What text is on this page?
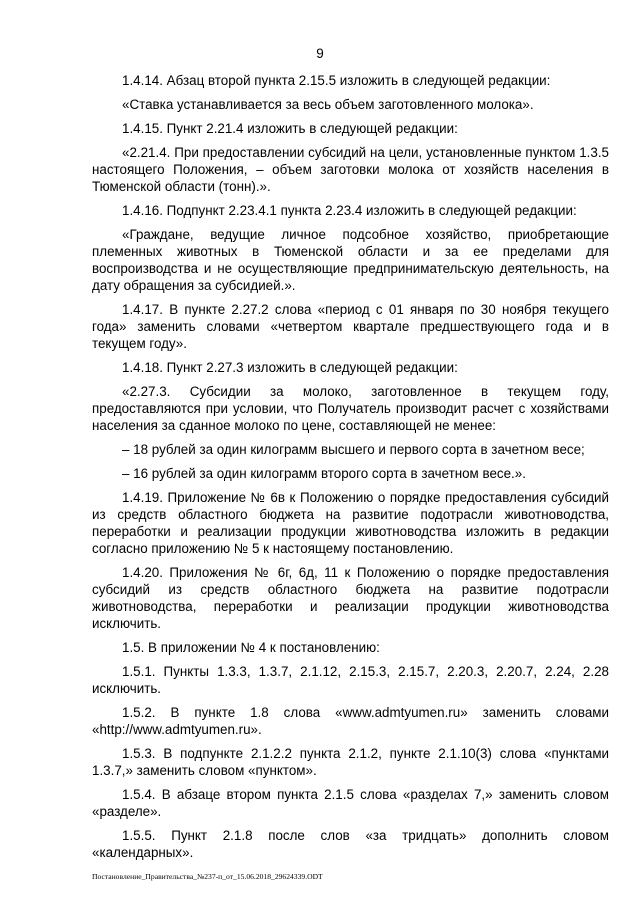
9

1.4.14. Абзац второй пункта 2.15.5 изложить в следующей редакции:

«Ставка устанавливается за весь объем заготовленного молока».

1.4.15. Пункт 2.21.4 изложить в следующей редакции:

«2.21.4. При предоставлении субсидий на цели, установленные пунктом 1.3.5 настоящего Положения, – объем заготовки молока от хозяйств населения в Тюменской области (тонн).».

1.4.16. Подпункт 2.23.4.1 пункта 2.23.4 изложить в следующей редакции:

«Граждане, ведущие личное подсобное хозяйство, приобретающие племенных животных в Тюменской области и за ее пределами для воспроизводства и не осуществляющие предпринимательскую деятельность, на дату обращения за субсидией.».

1.4.17. В пункте 2.27.2 слова «период с 01 января по 30 ноября текущего года» заменить словами «четвертом квартале предшествующего года и в текущем году».

1.4.18. Пункт 2.27.3 изложить в следующей редакции:

«2.27.3. Субсидии за молоко, заготовленное в текущем году, предоставляются при условии, что Получатель производит расчет с хозяйствами населения за сданное молоко по цене, составляющей не менее:

– 18 рублей за один килограмм высшего и первого сорта в зачетном весе;

– 16 рублей за один килограмм второго сорта в зачетном весе.».

1.4.19. Приложение № 6в к Положению о порядке предоставления субсидий из средств областного бюджета на развитие подотрасли животноводства, переработки и реализации продукции животноводства изложить в редакции согласно приложению № 5 к настоящему постановлению.

1.4.20. Приложения № 6г, 6д, 11 к Положению о порядке предоставления субсидий из средств областного бюджета на развитие подотрасли животноводства, переработки и реализации продукции животноводства исключить.

1.5. В приложении № 4 к постановлению:

1.5.1. Пункты 1.3.3, 1.3.7, 2.1.12, 2.15.3, 2.15.7, 2.20.3, 2.20.7, 2.24, 2.28 исключить.

1.5.2. В пункте 1.8 слова «www.admtyumen.ru» заменить словами «http://www.admtyumen.ru».

1.5.3. В подпункте 2.1.2.2 пункта 2.1.2, пункте 2.1.10(3) слова «пунктами 1.3.7,» заменить словом «пунктом».

1.5.4. В абзаце втором пункта 2.1.5 слова «разделах 7,» заменить словом «разделе».

1.5.5. Пункт 2.1.8 после слов «за тридцать» дополнить словом «календарных».

Постановление_Правительства_№237-п_от_15.06.2018_29624339.ODT
